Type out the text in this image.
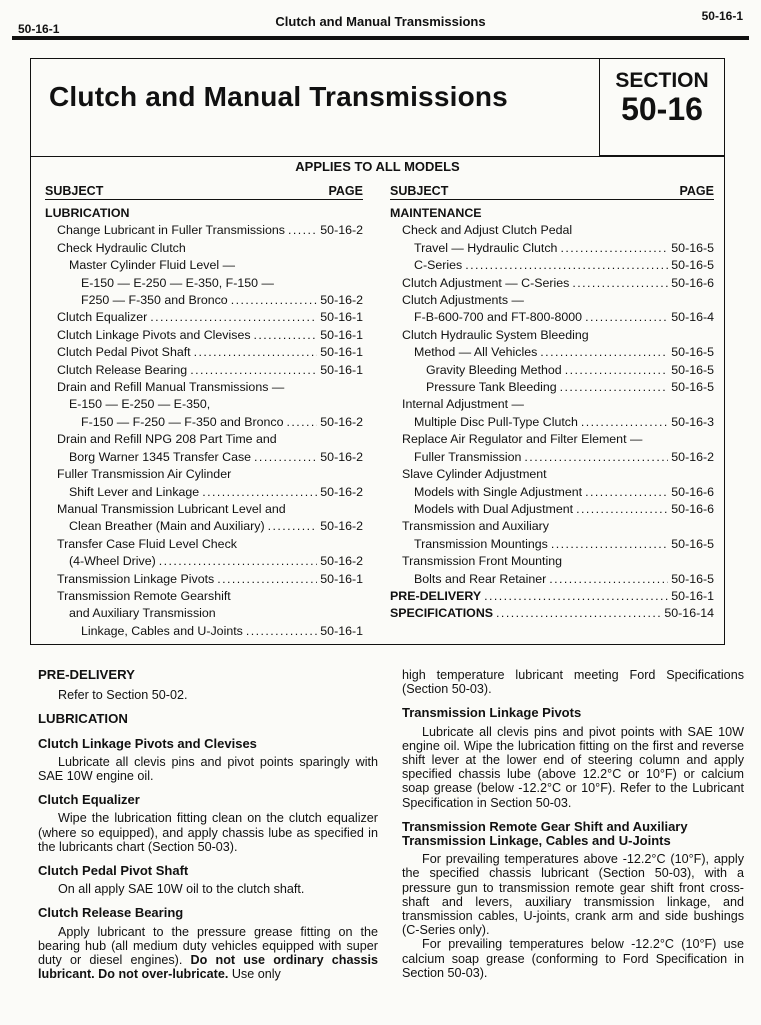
50-16-1	Clutch and Manual Transmissions	50-16-1
Clutch and Manual Transmissions
SECTION
50-16
APPLIES TO ALL MODELS
SUBJECT	PAGE
LUBRICATION
Change Lubricant in Fuller Transmissions . . .	50-16-2
Check Hydraulic Clutch
Master Cylinder Fluid Level —
E-150 — E-250 — E-350, F-150 —
F250 — F-350 and Bronco . . .	50-16-2
Clutch Equalizer . . .	50-16-1
Clutch Linkage Pivots and Clevises . . .	50-16-1
Clutch Pedal Pivot Shaft . . .	50-16-1
Clutch Release Bearing . . .	50-16-1
Drain and Refill Manual Transmissions —
E-150 — E-250 — E-350,
F-150 — F-250 — F-350 and Bronco . . .	50-16-2
Drain and Refill NPG 208 Part Time and
Borg Warner 1345 Transfer Case . . .	50-16-2
Fuller Transmission Air Cylinder
Shift Lever and Linkage . . .	50-16-2
Manual Transmission Lubricant Level and
Clean Breather (Main and Auxiliary) . . .	50-16-2
Transfer Case Fluid Level Check
(4-Wheel Drive) . . .	50-16-2
Transmission Linkage Pivots . . .	50-16-1
Transmission Remote Gearshift
and Auxiliary Transmission
Linkage, Cables and U-Joints . . .	50-16-1
SUBJECT	PAGE
MAINTENANCE
Check and Adjust Clutch Pedal
Travel — Hydraulic Clutch . . .	50-16-5
C-Series . . .	50-16-5
Clutch Adjustment — C-Series . . .	50-16-6
Clutch Adjustments —
F-B-600-700 and FT-800-8000 . . .	50-16-4
Clutch Hydraulic System Bleeding
Method — All Vehicles . . .	50-16-5
Gravity Bleeding Method . . .	50-16-5
Pressure Tank Bleeding . . .	50-16-5
Internal Adjustment —
Multiple Disc Pull-Type Clutch . . .	50-16-3
Replace Air Regulator and Filter Element —
Fuller Transmission . . .	50-16-2
Slave Cylinder Adjustment
Models with Single Adjustment . . .	50-16-6
Models with Dual Adjustment . . .	50-16-6
Transmission and Auxiliary
Transmission Mountings . . .	50-16-5
Transmission Front Mounting
Bolts and Rear Retainer . . .	50-16-5
PRE-DELIVERY . . .	50-16-1
SPECIFICATIONS . . .	50-16-14
PRE-DELIVERY

Refer to Section 50-02.

LUBRICATION
Clutch Linkage Pivots and Clevises

Lubricate all clevis pins and pivot points sparingly with SAE 10W engine oil.

Clutch Equalizer

Wipe the lubrication fitting clean on the clutch equalizer (where so equipped), and apply chassis lube as specified in the lubricants chart (Section 50-03).

Clutch Pedal Pivot Shaft

On all apply SAE 10W oil to the clutch shaft.

Clutch Release Bearing

Apply lubricant to the pressure grease fitting on the bearing hub (all medium duty vehicles equipped with super duty or diesel engines). Do not use ordinary chassis lubricant. Do not over-lubricate. Use only

high temperature lubricant meeting Ford Specifications (Section 50-03).

Transmission Linkage Pivots

Lubricate all clevis pins and pivot points with SAE 10W engine oil. Wipe the lubrication fitting on the first and reverse shift lever at the lower end of steering column and apply specified chassis lube (above 12.2°C or 10°F) or calcium soap grease (below -12.2°C or 10°F). Refer to the Lubricant Specification in Section 50-03.

Transmission Remote Gear Shift and Auxiliary Transmission Linkage, Cables and U-Joints

For prevailing temperatures above -12.2°C (10°F), apply the specified chassis lubricant (Section 50-03), with a pressure gun to transmission remote gear shift front cross-shaft and levers, auxiliary transmission linkage, and transmission cables, U-joints, crank arm and side bushings (C-Series only).

For prevailing temperatures below -12.2°C (10°F) use calcium soap grease (conforming to Ford Specification in Section 50-03).
